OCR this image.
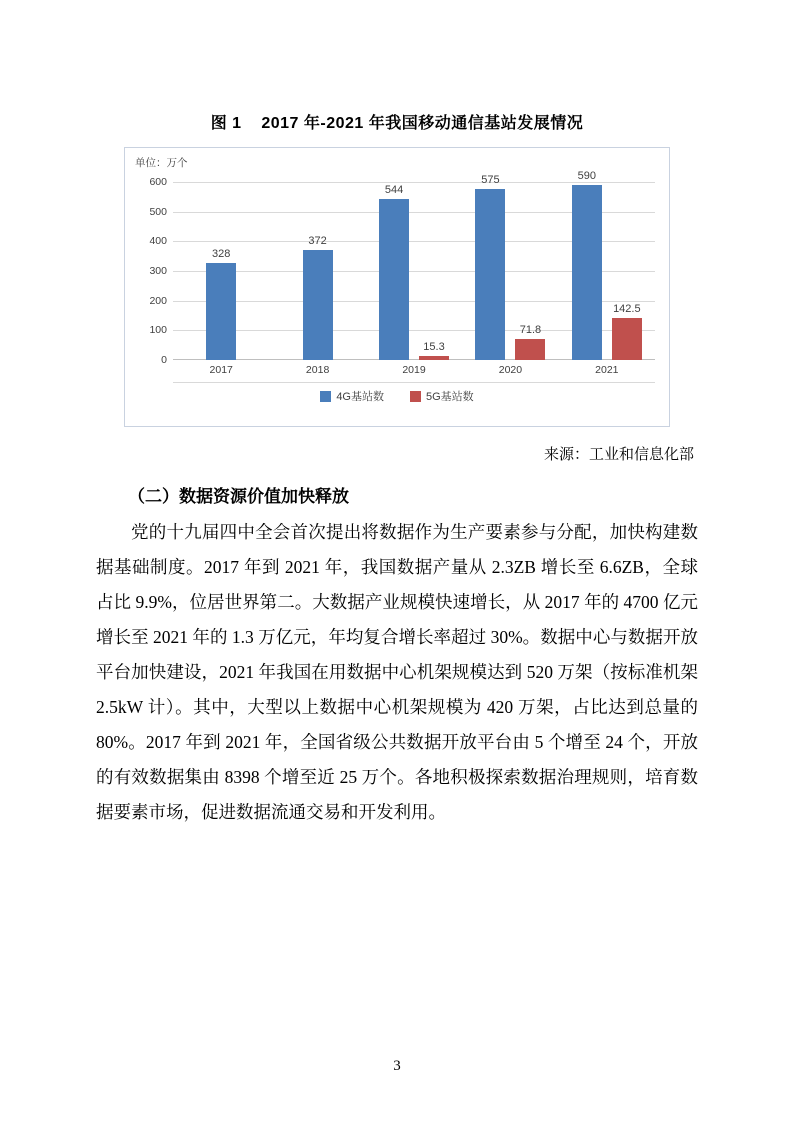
图 1    2017 年-2021 年我国移动通信基站发展情况
单位：万个
600
500
400
300
200
100
0
328
372
544
15.3
575
71.8
590
142.5
2017	2018	2019	2020	2021
4G基站数	5G基站数
来源：工业和信息化部
（二）数据资源价值加快释放

党的十九届四中全会首次提出将数据作为生产要素参与分配，加快构建数据基础制度。2017 年到 2021 年，我国数据产量从 2.3ZB 增长至 6.6ZB，全球占比 9.9%，位居世界第二。大数据产业规模快速增长，从 2017 年的 4700 亿元增长至 2021 年的 1.3 万亿元，年均复合增长率超过 30%。数据中心与数据开放平台加快建设，2021 年我国在用数据中心机架规模达到 520 万架（按标准机架 2.5kW 计）。其中，大型以上数据中心机架规模为 420 万架，占比达到总量的 80%。2017 年到 2021 年，全国省级公共数据开放平台由 5 个增至 24 个，开放的有效数据集由 8398 个增至近 25 万个。各地积极探索数据治理规则，培育数据要素市场，促进数据流通交易和开发利用。

3
